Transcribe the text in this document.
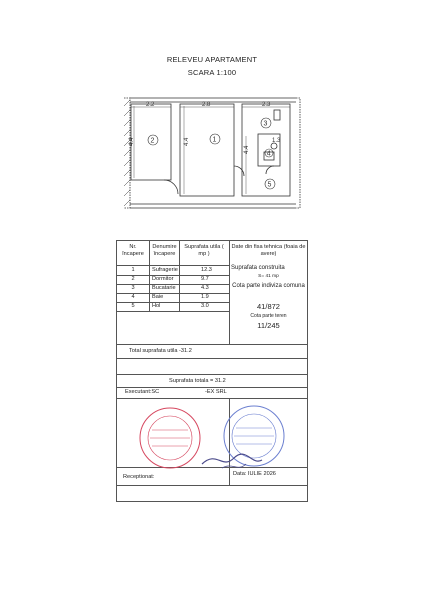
RELEVEU APARTAMENT
SCARA 1:100
2.2	2.8	2.3
4.4	4.4
4.4
1.3
2	1
3
4
5
Nr. încapere
Denumire încapere
Suprafata utila ( mp )
Date din fisa tehnica (foaia de avere)
1	Sufragerie	12.3
2	Dormitor	9.7
3	Bucatarie	4.3
4	Baie	1.9
5	Hol	3.0
Suprafata construita
S= 41 mp
Cota parte indiviza comuna
41/872
Cota parte teren
11/245
Total suprafata utila -31.2
Suprafata totala = 31.2
Executant:SC	-EX SRL
Receptionat:	Data: IULIE 2026
